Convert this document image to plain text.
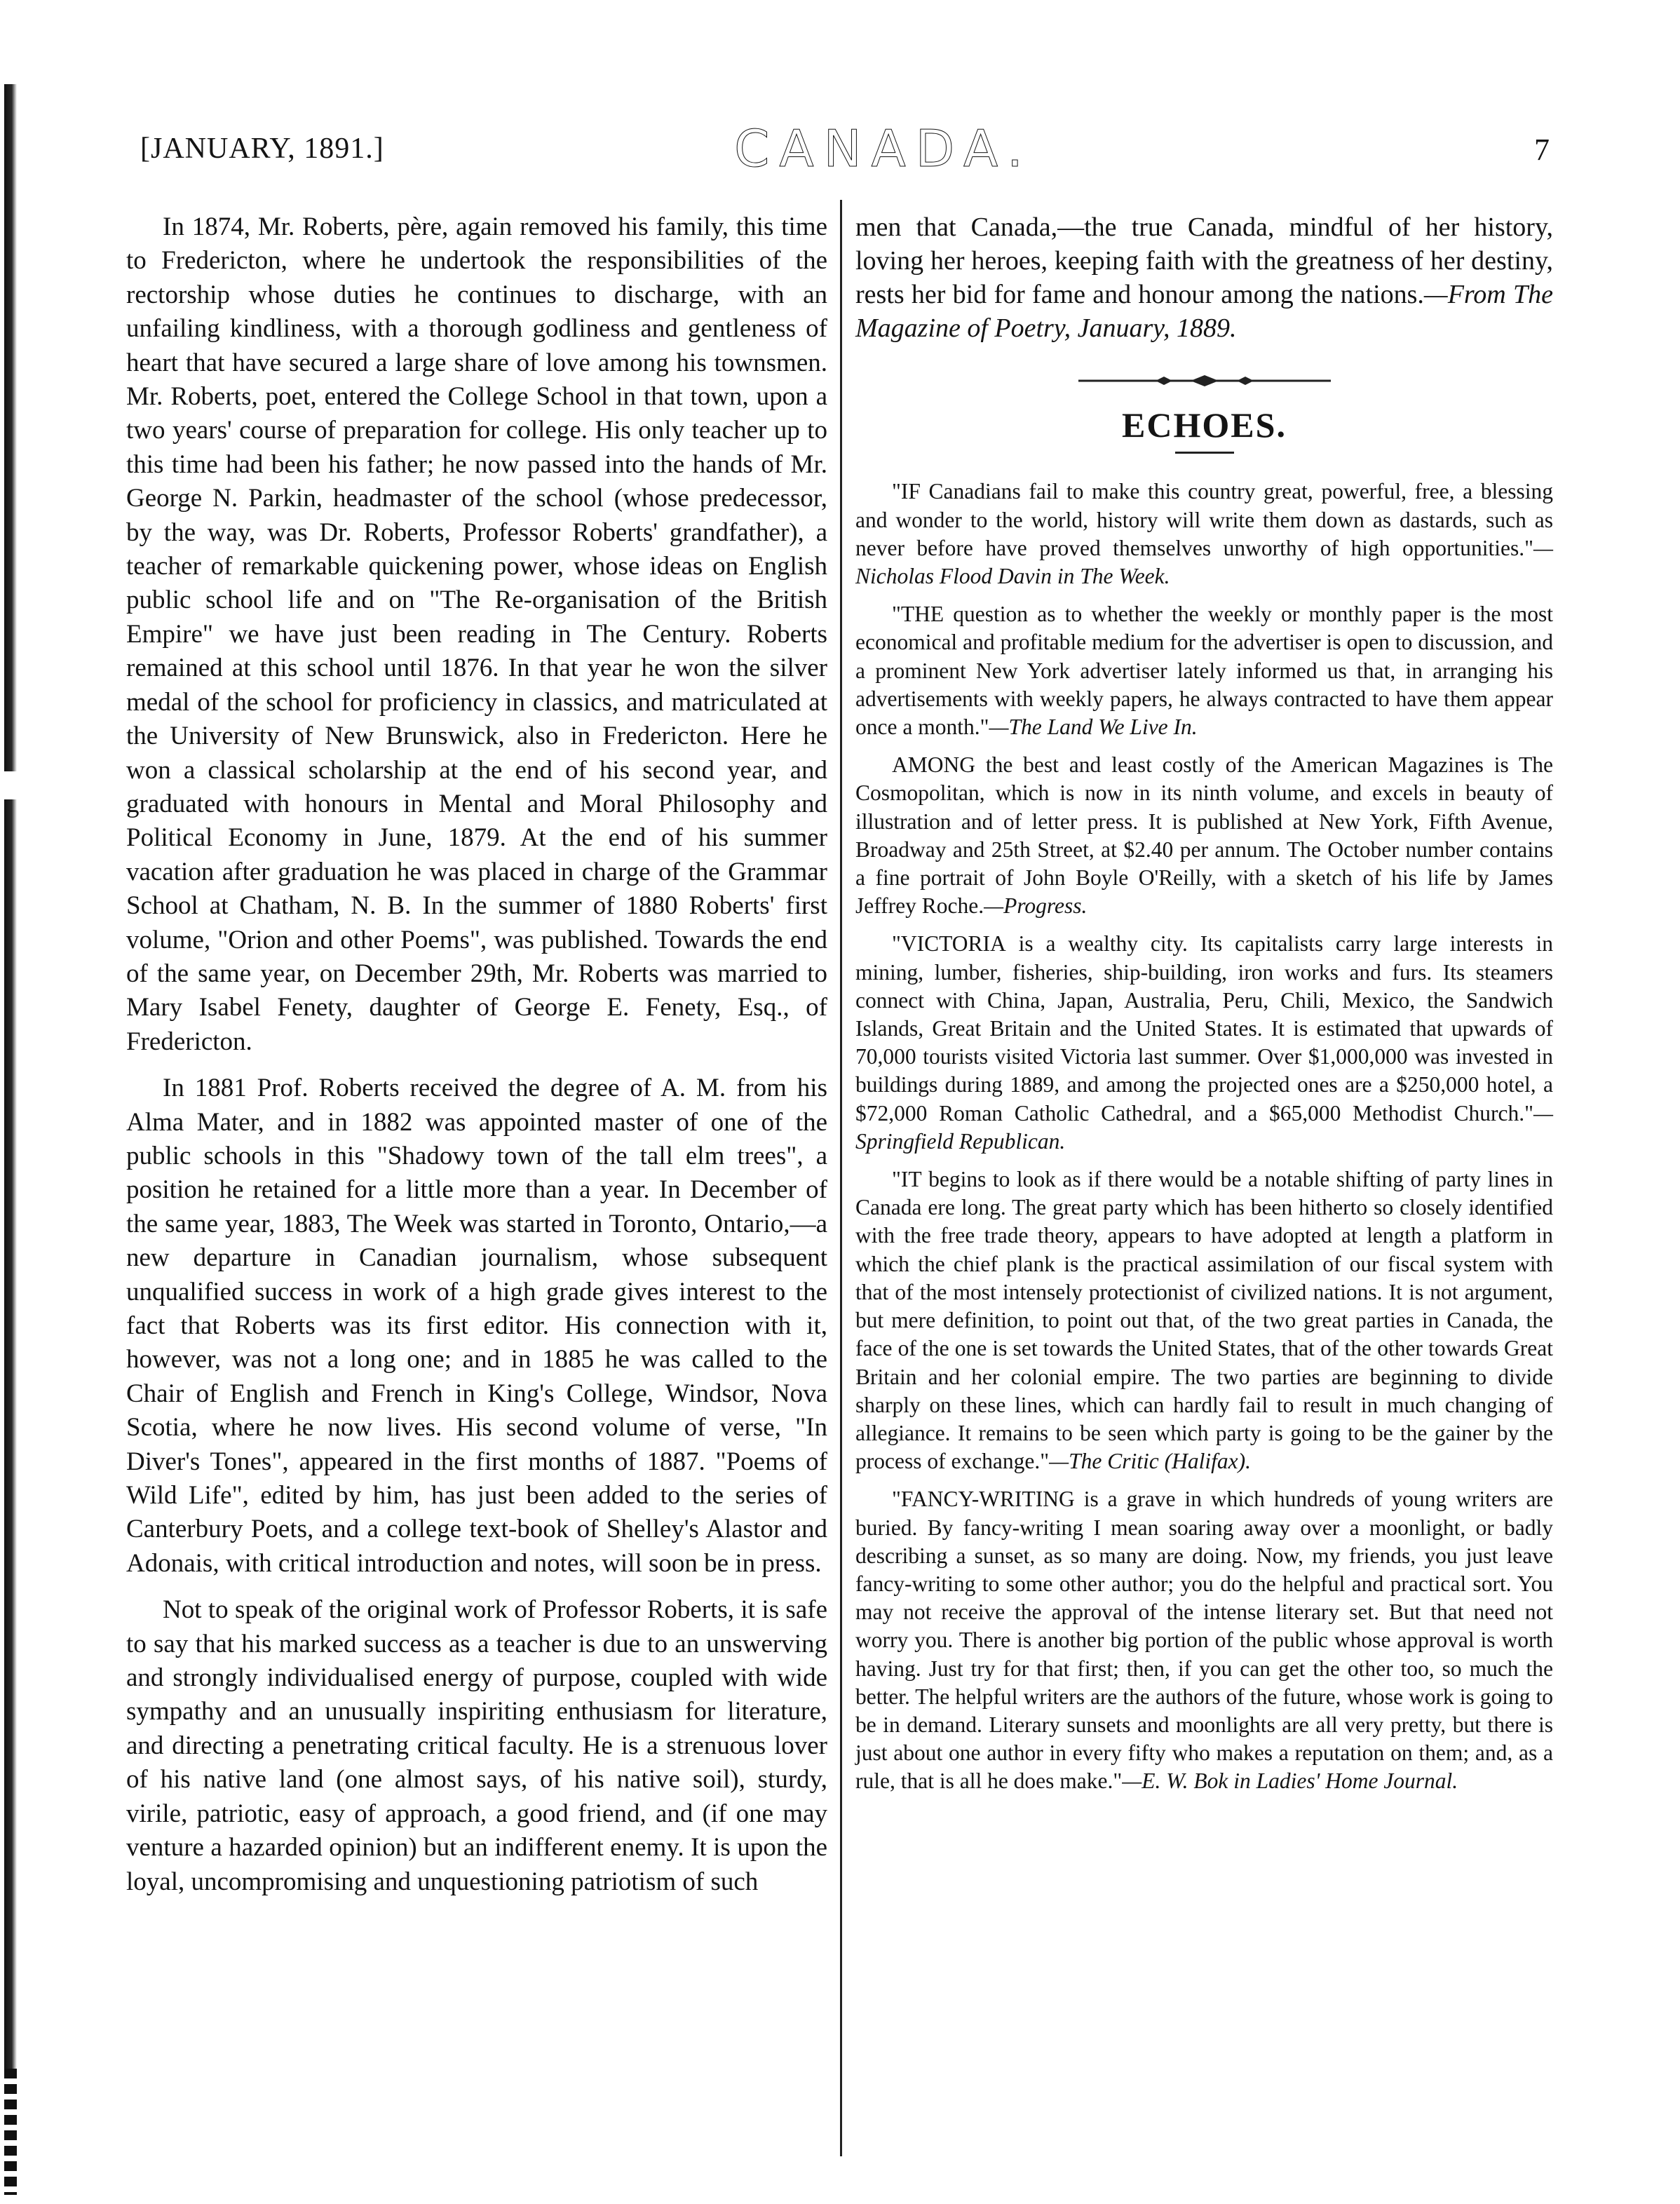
[JANUARY, 1891.]	CANADA.	7

In 1874, Mr. Roberts, père, again removed his family, this time to Fredericton, where he undertook the responsibilities of the rectorship whose duties he continues to discharge, with an unfailing kindliness, with a thorough godliness and gentleness of heart that have secured a large share of love among his townsmen. Mr. Roberts, poet, entered the College School in that town, upon a two years' course of preparation for college. His only teacher up to this time had been his father; he now passed into the hands of Mr. George N. Parkin, headmaster of the school (whose predecessor, by the way, was Dr. Roberts, Professor Roberts' grandfather), a teacher of remarkable quickening power, whose ideas on English public school life and on "The Re-organisation of the British Empire" we have just been reading in The Century. Roberts remained at this school until 1876. In that year he won the silver medal of the school for proficiency in classics, and matriculated at the University of New Brunswick, also in Fredericton. Here he won a classical scholarship at the end of his second year, and graduated with honours in Mental and Moral Philosophy and Political Economy in June, 1879. At the end of his summer vacation after graduation he was placed in charge of the Grammar School at Chatham, N. B. In the summer of 1880 Roberts' first volume, "Orion and other Poems", was published. Towards the end of the same year, on December 29th, Mr. Roberts was married to Mary Isabel Fenety, daughter of George E. Fenety, Esq., of Fredericton.

In 1881 Prof. Roberts received the degree of A. M. from his Alma Mater, and in 1882 was appointed master of one of the public schools in this "Shadowy town of the tall elm trees", a position he retained for a little more than a year. In December of the same year, 1883, The Week was started in Toronto, Ontario,—a new departure in Canadian journalism, whose subsequent unqualified success in work of a high grade gives interest to the fact that Roberts was its first editor. His connection with it, however, was not a long one; and in 1885 he was called to the Chair of English and French in King's College, Windsor, Nova Scotia, where he now lives. His second volume of verse, "In Diver's Tones", appeared in the first months of 1887. "Poems of Wild Life", edited by him, has just been added to the series of Canterbury Poets, and a college text-book of Shelley's Alastor and Adonais, with critical introduction and notes, will soon be in press.

Not to speak of the original work of Professor Roberts, it is safe to say that his marked success as a teacher is due to an unswerving and strongly individualised energy of purpose, coupled with wide sympathy and an unusually inspiriting enthusiasm for literature, and directing a penetrating critical faculty. He is a strenuous lover of his native land (one almost says, of his native soil), sturdy, virile, patriotic, easy of approach, a good friend, and (if one may venture a hazarded opinion) but an indifferent enemy. It is upon the loyal, uncompromising and unquestioning patriotism of such

men that Canada,—the true Canada, mindful of her history, loving her heroes, keeping faith with the greatness of her destiny, rests her bid for fame and honour among the nations.—From The Magazine of Poetry, January, 1889.

ECHOES.

"IF Canadians fail to make this country great, powerful, free, a blessing and wonder to the world, history will write them down as dastards, such as never before have proved themselves unworthy of high opportunities."—Nicholas Flood Davin in The Week.

"THE question as to whether the weekly or monthly paper is the most economical and profitable medium for the advertiser is open to discussion, and a prominent New York advertiser lately informed us that, in arranging his advertisements with weekly papers, he always contracted to have them appear once a month."—The Land We Live In.

AMONG the best and least costly of the American Magazines is The Cosmopolitan, which is now in its ninth volume, and excels in beauty of illustration and of letter press. It is published at New York, Fifth Avenue, Broadway and 25th Street, at $2.40 per annum. The October number contains a fine portrait of John Boyle O'Reilly, with a sketch of his life by James Jeffrey Roche.—Progress.

"VICTORIA is a wealthy city. Its capitalists carry large interests in mining, lumber, fisheries, ship-building, iron works and furs. Its steamers connect with China, Japan, Australia, Peru, Chili, Mexico, the Sandwich Islands, Great Britain and the United States. It is estimated that upwards of 70,000 tourists visited Victoria last summer. Over $1,000,000 was invested in buildings during 1889, and among the projected ones are a $250,000 hotel, a $72,000 Roman Catholic Cathedral, and a $65,000 Methodist Church."—Springfield Republican.

"IT begins to look as if there would be a notable shifting of party lines in Canada ere long. The great party which has been hitherto so closely identified with the free trade theory, appears to have adopted at length a platform in which the chief plank is the practical assimilation of our fiscal system with that of the most intensely protectionist of civilized nations. It is not argument, but mere definition, to point out that, of the two great parties in Canada, the face of the one is set towards the United States, that of the other towards Great Britain and her colonial empire. The two parties are beginning to divide sharply on these lines, which can hardly fail to result in much changing of allegiance. It remains to be seen which party is going to be the gainer by the process of exchange."—The Critic (Halifax).

"FANCY-WRITING is a grave in which hundreds of young writers are buried. By fancy-writing I mean soaring away over a moonlight, or badly describing a sunset, as so many are doing. Now, my friends, you just leave fancy-writing to some other author; you do the helpful and practical sort. You may not receive the approval of the intense literary set. But that need not worry you. There is another big portion of the public whose approval is worth having. Just try for that first; then, if you can get the other too, so much the better. The helpful writers are the authors of the future, whose work is going to be in demand. Literary sunsets and moonlights are all very pretty, but there is just about one author in every fifty who makes a reputation on them; and, as a rule, that is all he does make."—E. W. Bok in Ladies' Home Journal.
